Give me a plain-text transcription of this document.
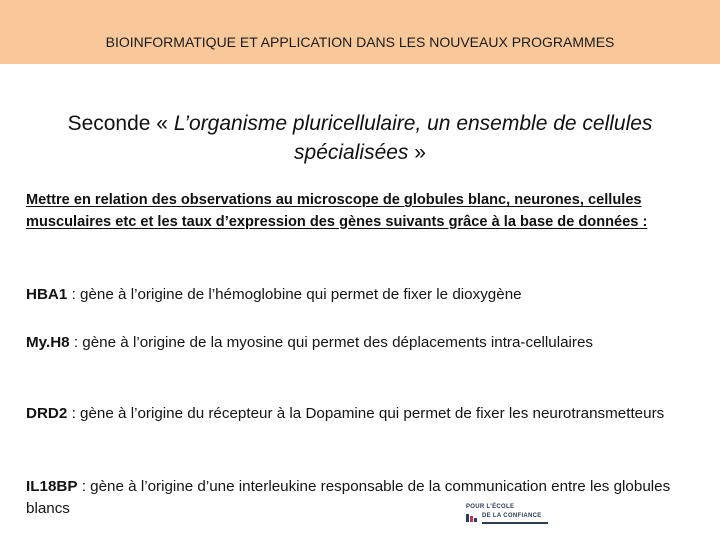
BIOINFORMATIQUE ET APPLICATION DANS LES NOUVEAUX PROGRAMMES
Seconde « L’organisme pluricellulaire, un ensemble de cellules spécialisées »
Mettre en relation des observations au microscope de globules blanc, neurones, cellules musculaires etc et les taux d’expression des gènes suivants grâce à la base de données :
HBA1 : gène à l’origine de l’hémoglobine qui permet de fixer le dioxygène
My.H8 : gène à l’origine de la myosine qui permet des déplacements intra-cellulaires
DRD2 : gène à l’origine du récepteur à la Dopamine qui permet de fixer les neurotransmetteurs
IL18BP : gène à l’origine d’une interleukine responsable de la communication entre les globules blancs	POUR L’ÉCOLE
DE LA CONFIANCE
